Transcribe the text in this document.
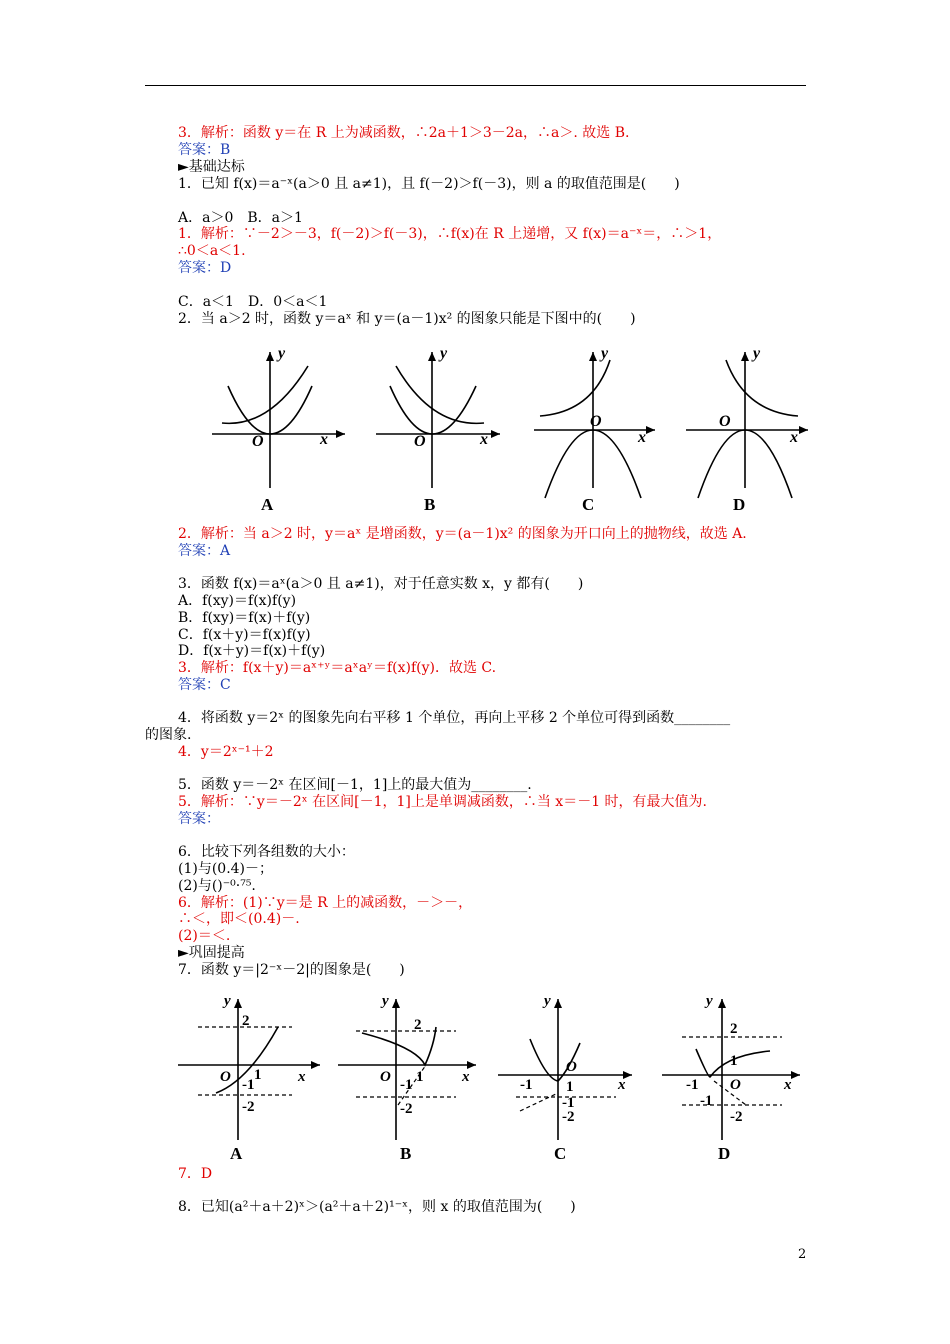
3．解析：函数 y＝在 R 上为减函数，∴2a＋1＞3－2a，∴a＞. 故选 B.
答案：B
►基础达标
1．已知 f(x)＝a⁻ˣ(a＞0 且 a≠1)，且 f(－2)＞f(－3)，则 a 的取值范围是(　　)
A．a＞0　B．a＞1
1．解析：∵－2＞－3，f(－2)＞f(－3)，∴f(x)在 R 上递增，又 f(x)＝a⁻ˣ＝，∴＞1，
∴0＜a＜1.
答案：D
C．a＜1　D．0＜a＜1
2．当 a＞2 时，函数 y＝aˣ 和 y＝(a－1)x² 的图象只能是下图中的(　　)
y
x
O
y
x
O
y
x
O
y
x
O
A	B	C	D
2．解析：当 a＞2 时，y＝aˣ 是增函数，y＝(a－1)x² 的图象为开口向上的抛物线，故选 A.
答案：A
3．函数 f(x)＝aˣ(a＞0 且 a≠1)，对于任意实数 x，y 都有(　　)
A．f(xy)＝f(x)f(y)
B．f(xy)＝f(x)＋f(y)
C．f(x＋y)＝f(x)f(y)
D．f(x＋y)＝f(x)＋f(y)
3．解析：f(x＋y)＝aˣ⁺ʸ＝aˣaʸ＝f(x)f(y)．故选 C.
答案：C
4．将函数 y＝2ˣ 的图象先向右平移 1 个单位，再向上平移 2 个单位可得到函数________
的图象.
4．y＝2ˣ⁻¹＋2
5．函数 y＝－2ˣ 在区间[－1，1]上的最大值为________.
5．解析：∵y＝－2ˣ 在区间[－1，1]上是单调减函数，∴当 x＝－1 时，有最大值为.
答案：
6．比较下列各组数的大小：
(1)与(0.4)－；
(2)与()⁻⁰·⁷⁵.
6．解析：(1)∵y＝是 R 上的减函数，－＞－，
∴＜，即＜(0.4)－.
(2)＝＜.
►巩固提高
7．函数 y＝|2⁻ˣ－2|的图象是(　　)
y
x
O
y
x
O
y
x
O
y
x
O
2
1
-1
-2
2
1
-1
-2
-1 1
-1
-2
2
1
-1
-1
-2
A	B	C	D
7．D
8．已知(a²＋a＋2)ˣ＞(a²＋a＋2)¹⁻ˣ，则 x 的取值范围为(　　)
2
